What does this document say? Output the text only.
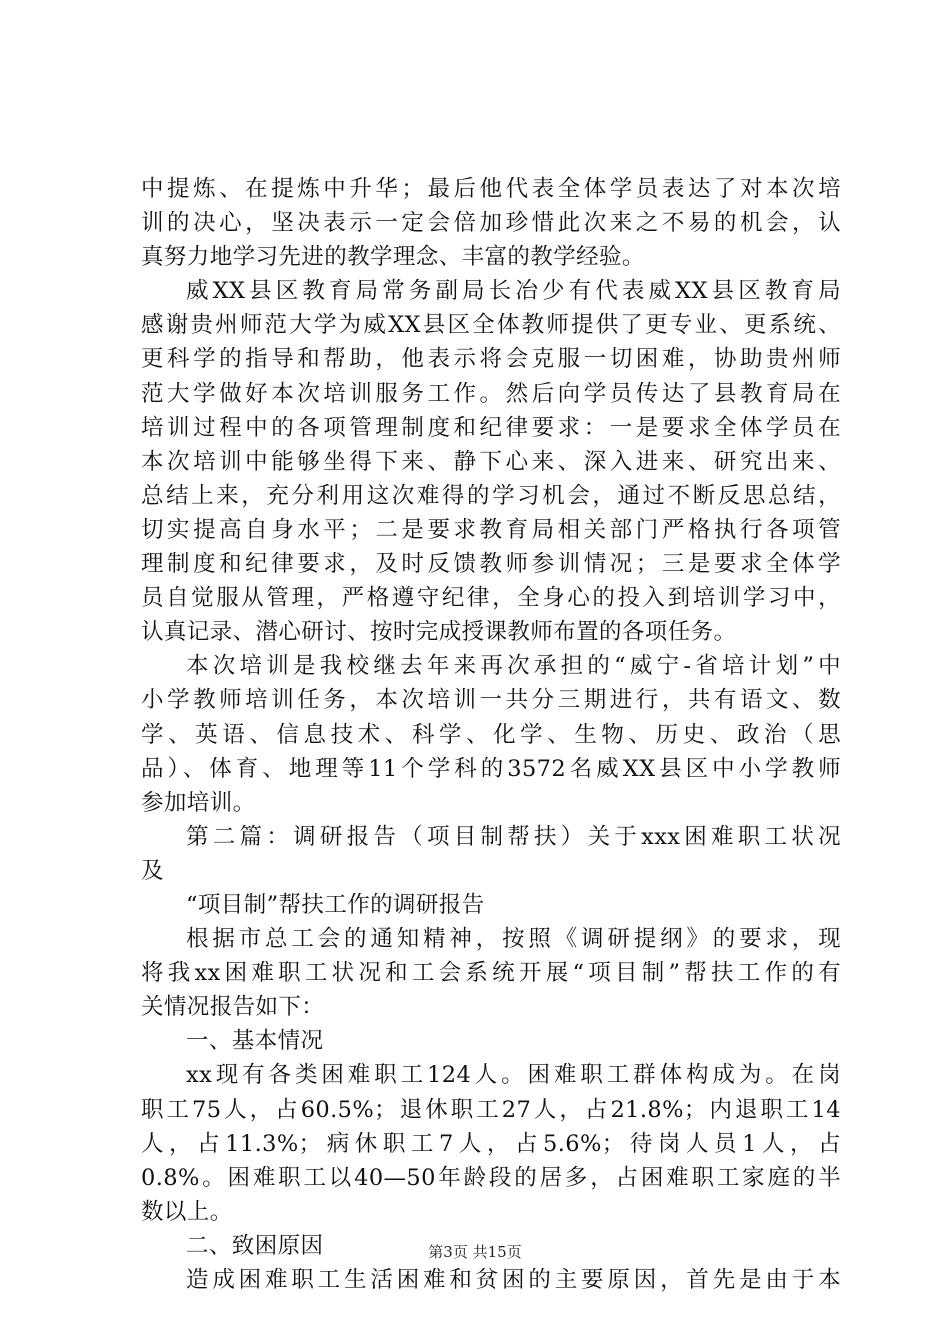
中提炼、在提炼中升华；最后他代表全体学员表达了对本次培
训的决心，坚决表示一定会倍加珍惜此次来之不易的机会，认
真努力地学习先进的教学理念、丰富的教学经验。
威XX县区教育局常务副局长冶少有代表威XX县区教育局
感谢贵州师范大学为威XX县区全体教师提供了更专业、更系统、
更科学的指导和帮助，他表示将会克服一切困难，协助贵州师
范大学做好本次培训服务工作。然后向学员传达了县教育局在
培训过程中的各项管理制度和纪律要求：一是要求全体学员在
本次培训中能够坐得下来、静下心来、深入进来、研究出来、
总结上来，充分利用这次难得的学习机会，通过不断反思总结，
切实提高自身水平；二是要求教育局相关部门严格执行各项管
理制度和纪律要求，及时反馈教师参训情况；三是要求全体学
员自觉服从管理，严格遵守纪律，全身心的投入到培训学习中，
认真记录、潜心研讨、按时完成授课教师布置的各项任务。
本次培训是我校继去年来再次承担的“威宁-省培计划”中
小学教师培训任务，本次培训一共分三期进行，共有语文、数
学、英语、信息技术、科学、化学、生物、历史、政治（思
品）、体育、地理等11个学科的3572名威XX县区中小学教师
参加培训。
第二篇：调研报告（项目制帮扶）关于xxx困难职工状况
及
“项目制”帮扶工作的调研报告
根据市总工会的通知精神，按照《调研提纲》的要求，现
将我xx困难职工状况和工会系统开展“项目制”帮扶工作的有
关情况报告如下：
一、基本情况
xx现有各类困难职工124人。困难职工群体构成为。在岗
职工75人，占60.5%；退休职工27人，占21.8%；内退职工14
人，占11.3%；病休职工7人，占5.6%；待岗人员1人，占
0.8%。困难职工以40—50年龄段的居多，占困难职工家庭的半
数以上。
二、致困原因
造成困难职工生活困难和贫困的主要原因，首先是由于本
第3页 共15页
